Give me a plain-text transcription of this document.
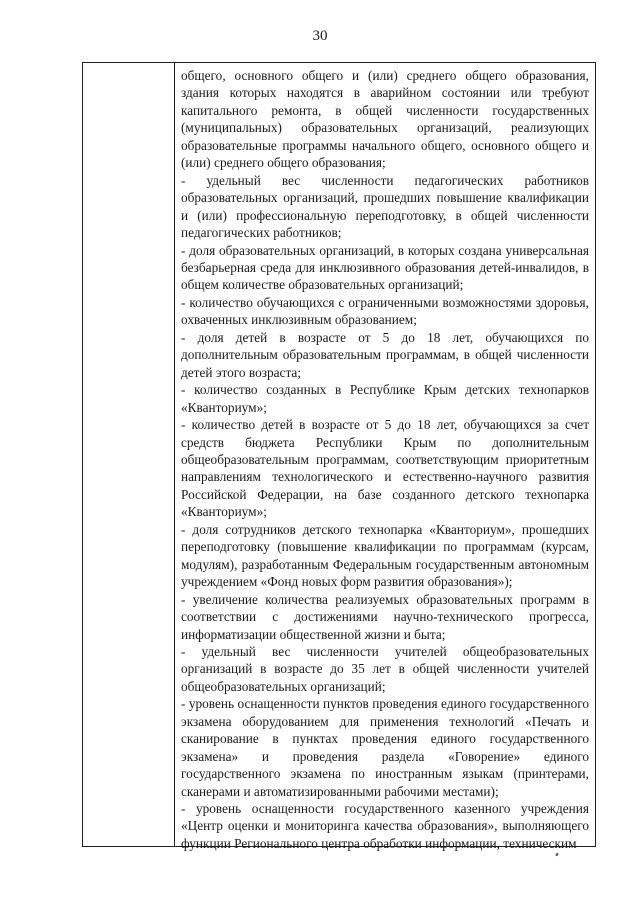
30

общего, основного общего и (или) среднего общего образования, здания которых находятся в аварийном состоянии или требуют капитального ремонта, в общей численности государственных (муниципальных) образовательных организаций, реализующих образовательные программы начального общего, основного общего и (или) среднего общего образования;

- удельный вес численности педагогических работников образовательных организаций, прошедших повышение квалификации и (или) профессиональную переподготовку, в общей численности педагогических работников;

- доля образовательных организаций, в которых создана универсальная безбарьерная среда для инклюзивного образования детей-инвалидов, в общем количестве образовательных организаций;

- количество обучающихся с ограниченными возможностями здоровья, охваченных инклюзивным образованием;

- доля детей в возрасте от 5 до 18 лет, обучающихся по дополнительным образовательным программам, в общей численности детей этого возраста;

- количество созданных в Республике Крым детских технопарков «Кванториум»;

- количество детей в возрасте от 5 до 18 лет, обучающихся за счет средств бюджета Республики Крым по дополнительным общеобразовательным программам, соответствующим приоритетным направлениям технологического и естественно-научного развития Российской Федерации, на базе созданного детского технопарка «Кванториум»;

- доля сотрудников детского технопарка «Кванториум», прошедших переподготовку (повышение квалификации по программам (курсам, модулям), разработанным Федеральным государственным автономным учреждением «Фонд новых форм развития образования»);

- увеличение количества реализуемых образовательных программ в соответствии с достижениями научно-технического прогресса, информатизации общественной жизни и быта;

- удельный вес численности учителей общеобразовательных организаций в возрасте до 35 лет в общей численности учителей общеобразовательных организаций;

- уровень оснащенности пунктов проведения единого государственного экзамена оборудованием для применения технологий «Печать и сканирование в пунктах проведения единого государственного экзамена» и проведения раздела «Говорение» единого государственного экзамена по иностранным языкам (принтерами, сканерами и автоматизированными рабочими местами);

- уровень оснащенности государственного казенного учреждения «Центр оценки и мониторинга качества образования», выполняющего функции Регионального центра обработки информации, техническим
